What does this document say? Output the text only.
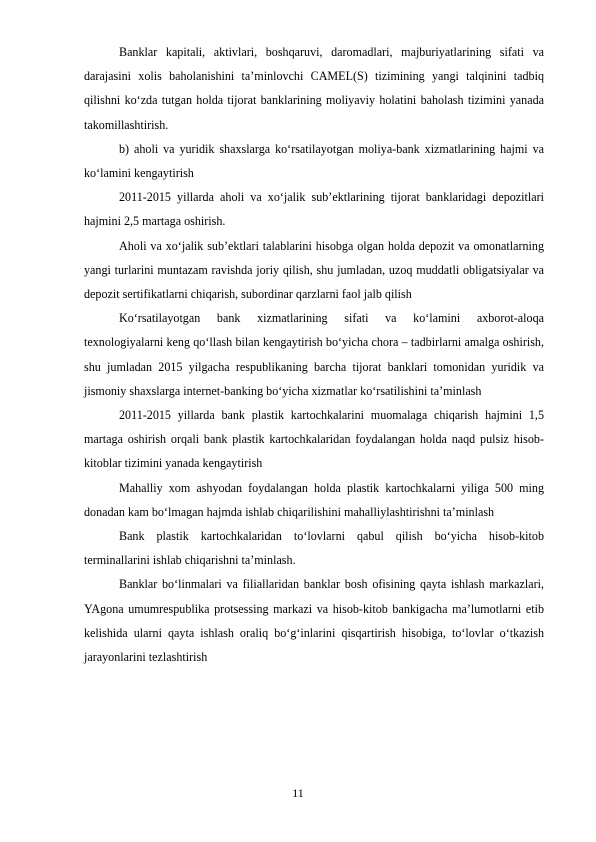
Banklar kapitali, aktivlari, boshqaruvi, daromadlari, majburiyatlarining sifati va darajasini xolis baholanishini ta’minlovchi CAMEL(S) tizimining yangi talqinini tadbiq qilishni ko‘zda tutgan holda tijorat banklarining moliyaviy holatini baholash tizimini yanada takomillashtirish.

b) aholi va yuridik shaxslarga ko‘rsatilayotgan moliya-bank xizmatlarining hajmi va ko‘lamini kengaytirish

2011-2015 yillarda aholi va xo‘jalik sub’ektlarining tijorat banklaridagi depozitlari hajmini 2,5 martaga oshirish.

Aholi va xo‘jalik sub’ektlari talablarini hisobga olgan holda depozit va omonatlarning yangi turlarini muntazam ravishda joriy qilish, shu jumladan, uzoq muddatli obligatsiyalar va depozit sertifikatlarni chiqarish, subordinar qarzlarni faol jalb qilish

Ko‘rsatilayotgan bank xizmatlarining sifati va ko‘lamini axborot-aloqa texnologiyalarni keng qo‘llash bilan kengaytirish bo‘yicha chora – tadbirlarni amalga oshirish, shu jumladan 2015 yilgacha respublikaning barcha tijorat banklari tomonidan yuridik va jismoniy shaxslarga internet-banking bo‘yicha xizmatlar ko‘rsatilishini ta’minlash

2011-2015 yillarda bank plastik kartochkalarini muomalaga chiqarish hajmini 1,5 martaga oshirish orqali bank plastik kartochkalaridan foydalangan holda naqd pulsiz hisob-kitoblar tizimini yanada kengaytirish

Mahalliy xom ashyodan foydalangan holda plastik kartochkalarni yiliga 500 ming donadan kam bo‘lmagan hajmda ishlab chiqarilishini mahalliylashtirishni ta’minlash

Bank plastik kartochkalaridan to‘lovlarni qabul qilish bo‘yicha hisob-kitob terminallarini ishlab chiqarishni ta’minlash.

Banklar bo‘linmalari va filiallaridan banklar bosh ofisining qayta ishlash markazlari, YAgona umumrespublika protsessing markazi va hisob-kitob bankigacha ma’lumotlarni etib kelishida ularni qayta ishlash oraliq bo‘g‘inlarini qisqartirish hisobiga, to‘lovlar o‘tkazish jarayonlarini tezlashtirish

11
